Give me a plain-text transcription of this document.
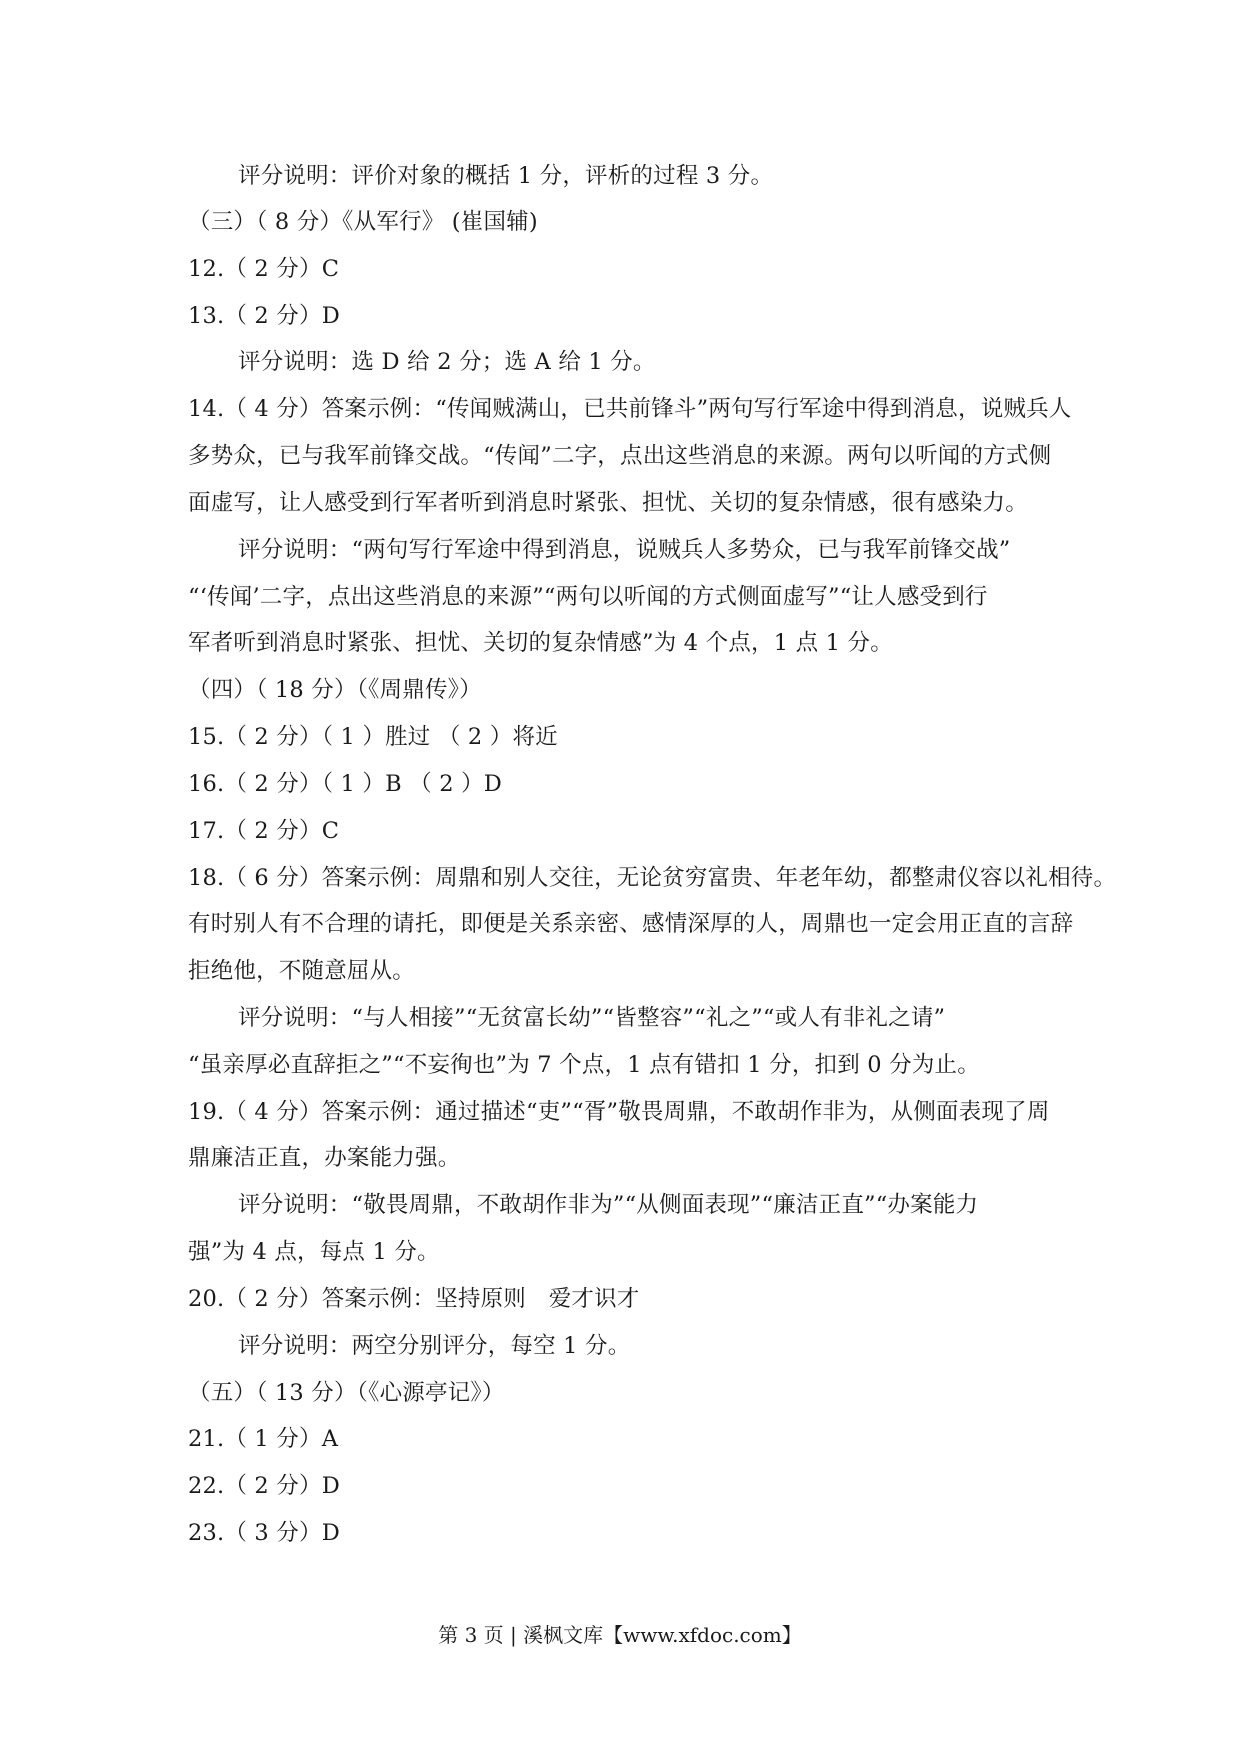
评分说明：评价对象的概括 1 分，评析的过程 3 分。
（三）（ 8 分）《从军行》 (崔国辅)
12.（ 2 分）C
13.（ 2 分）D
评分说明：选 D 给 2 分；选 A 给 1 分。
14.（ 4 分）答案示例：“传闻贼满山，已共前锋斗”两句写行军途中得到消息，说贼兵人
多势众，已与我军前锋交战。“传闻”二字，点出这些消息的来源。两句以听闻的方式侧
面虚写，让人感受到行军者听到消息时紧张、担忧、关切的复杂情感，很有感染力。
评分说明：“两句写行军途中得到消息，说贼兵人多势众，已与我军前锋交战”
“‘传闻’二字，点出这些消息的来源”“两句以听闻的方式侧面虚写”“让人感受到行
军者听到消息时紧张、担忧、关切的复杂情感”为 4 个点，1 点 1 分。
（四）（ 18 分）（《周鼎传》）
15.（ 2 分）（ 1 ）胜过 （ 2 ）将近
16.（ 2 分）（ 1 ）B （ 2 ）D
17.（ 2 分）C
18.（ 6 分）答案示例：周鼎和别人交往，无论贫穷富贵、年老年幼，都整肃仪容以礼相待。
有时别人有不合理的请托，即便是关系亲密、感情深厚的人，周鼎也一定会用正直的言辞
拒绝他，不随意屈从。
评分说明：“与人相接”“无贫富长幼”“皆整容”“礼之”“或人有非礼之请”
“虽亲厚必直辞拒之”“不妄徇也”为 7 个点，1 点有错扣 1 分，扣到 0 分为止。
19.（ 4 分）答案示例：通过描述“吏”“胥”敬畏周鼎，不敢胡作非为，从侧面表现了周
鼎廉洁正直，办案能力强。
评分说明：“敬畏周鼎，不敢胡作非为”“从侧面表现”“廉洁正直”“办案能力
强”为 4 点，每点 1 分。
20.（ 2 分）答案示例：坚持原则　爱才识才
评分说明：两空分别评分，每空 1 分。
（五）（ 13 分）（《心源亭记》）
21.（ 1 分）A
22.（ 2 分）D
23.（ 3 分）D
第 3 页 | 溪枫文库【www.xfdoc.com】
